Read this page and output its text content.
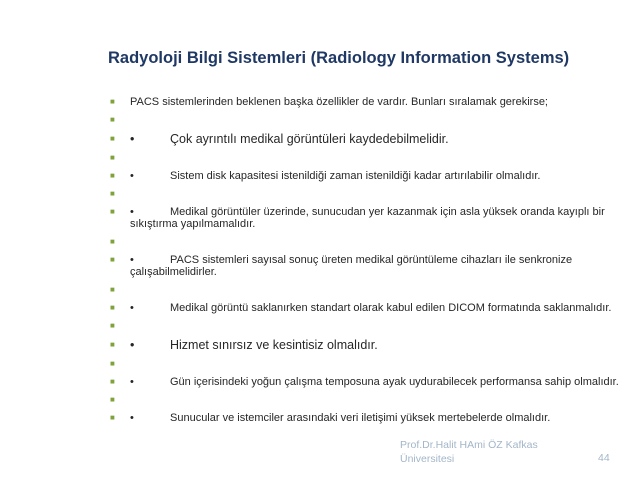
Radyoloji Bilgi Sistemleri (Radiology Information Systems)
■ PACS sistemlerinden beklenen başka özellikler de vardır. Bunları sıralamak gerekirse;
■
■ •	Çok ayrıntılı medikal görüntüleri kaydedebilmelidir.
■
■ •	Sistem disk kapasitesi istenildiği zaman istenildiği kadar artırılabilir olmalıdır.
■
■ •	Medikal görüntüler üzerinde, sunucudan yer kazanmak için asla yüksek oranda kayıplı bir sıkıştırma yapılmamalıdır.
■
■ •	PACS sistemleri sayısal sonuç üreten medikal görüntüleme cihazları ile senkronize çalışabilmelidirler.
■
■ •	Medikal görüntü saklanırken standart olarak kabul edilen DICOM formatında saklanmalıdır.
■
■ •	Hizmet sınırsız ve kesintisiz olmalıdır.
■
■ •	Gün içerisindeki yoğun çalışma temposuna ayak uydurabilecek performansa sahip olmalıdır.
■
■ •	Sunucular ve istemciler arasındaki veri iletişimi yüksek mertebelerde olmalıdır.
Prof.Dr.Halit HAmi ÖZ Kafkas Üniversitesi	44
